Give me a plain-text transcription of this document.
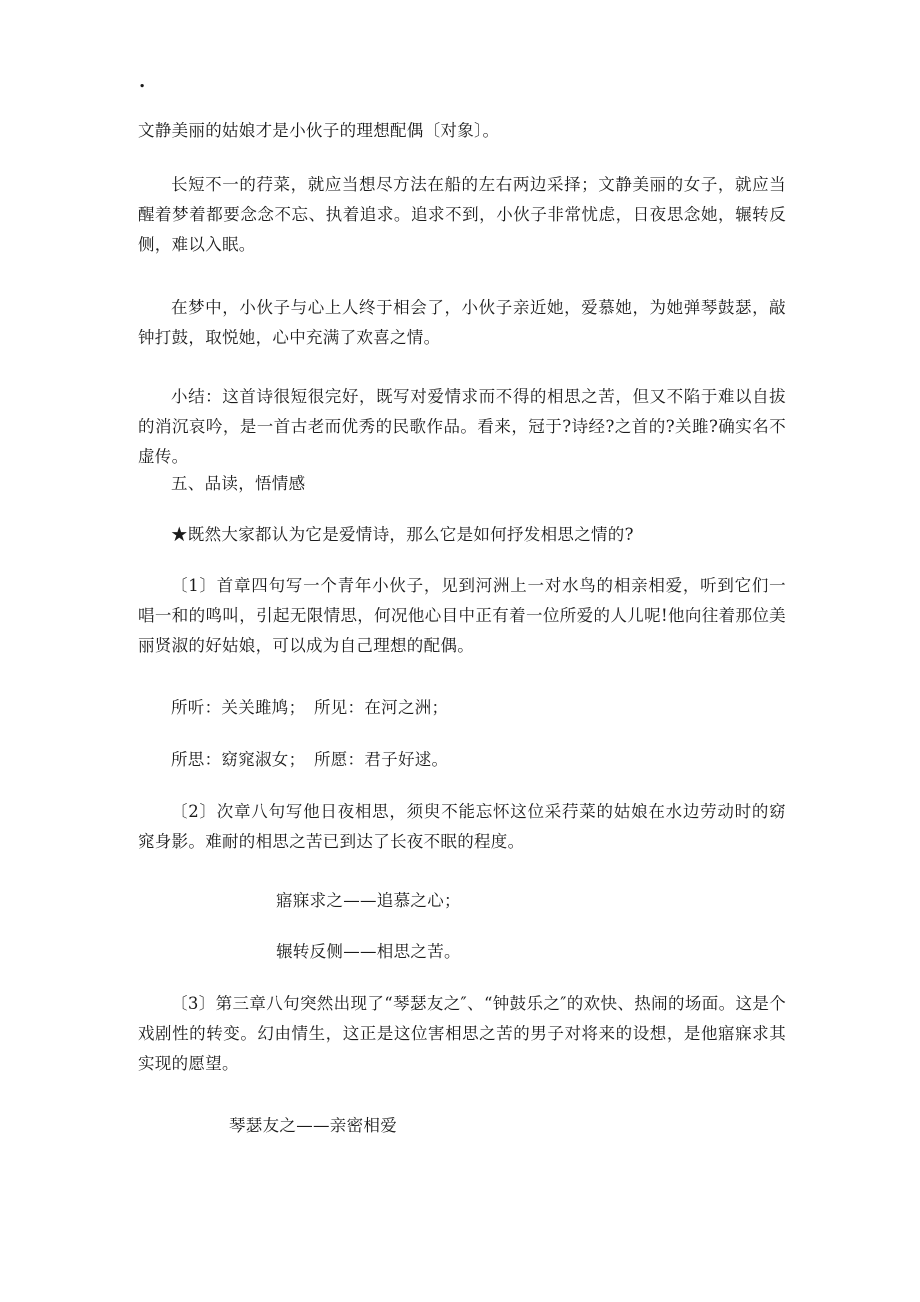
.

文静美丽的姑娘才是小伙子的理想配偶〔对象〕。

长短不一的荇菜，就应当想尽方法在船的左右两边采择；文静美丽的女子，就应当醒着梦着都要念念不忘、执着追求。追求不到，小伙子非常忧虑，日夜思念她，辗转反侧，难以入眠。

在梦中，小伙子与心上人终于相会了，小伙子亲近她，爱慕她，为她弹琴鼓瑟，敲钟打鼓，取悦她，心中充满了欢喜之情。

小结：这首诗很短很完好，既写对爱情求而不得的相思之苦，但又不陷于难以自拔的消沉哀吟，是一首古老而优秀的民歌作品。看来，冠于?诗经?之首的?关雎?确实名不虚传。

五、品读，悟情感

★既然大家都认为它是爱情诗，那么它是如何抒发相思之情的?

〔1〕首章四句写一个青年小伙子，见到河洲上一对水鸟的相亲相爱，听到它们一唱一和的鸣叫，引起无限情思，何况他心目中正有着一位所爱的人儿呢!他向往着那位美丽贤淑的好姑娘，可以成为自己理想的配偶。

所听：关关雎鸠；　所见：在河之洲；

所思：窈窕淑女；　所愿：君子好逑。

〔2〕次章八句写他日夜相思，须臾不能忘怀这位采荇菜的姑娘在水边劳动时的窈窕身影。难耐的相思之苦已到达了长夜不眠的程度。

寤寐求之——追慕之心；

辗转反侧——相思之苦。

〔3〕第三章八句突然出现了“琴瑟友之″、“钟鼓乐之″的欢快、热闹的场面。这是个戏剧性的转变。幻由情生，这正是这位害相思之苦的男子对将来的设想，是他寤寐求其实现的愿望。

琴瑟友之——亲密相爱
